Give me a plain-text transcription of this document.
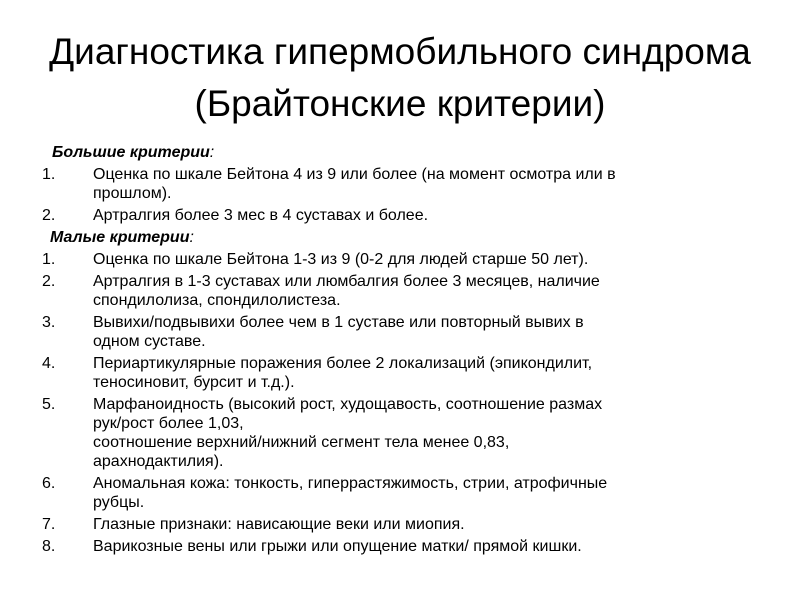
Диагностика гипермобильного синдрома (Брайтонские критерии)
Большие критерии:
1. Оценка по шкале Бейтона 4 из 9 или более (на момент осмотра или в
прошлом).
2. Артралгия более 3 мес в 4 суставах и более.
Малые критерии:
1. Оценка по шкале Бейтона 1-3 из 9 (0-2 для людей старше 50 лет).
2. Артралгия в 1-3 суставах или люмбалгия более 3 месяцев, наличие
спондилолиза, спондилолистеза.
3. Вывихи/подвывихи более чем в 1 суставе или повторный вывих в
одном суставе.
4. Периартикулярные поражения более 2 локализаций (эпикондилит,
теносиновит, бурсит и т.д.).
5. Марфаноидность (высокий рост, худощавость, соотношение размах
рук/рост более 1,03,
соотношение верхний/нижний сегмент тела менее 0,83,
арахнодактилия).
6. Аномальная кожа: тонкость, гиперрастяжимость, стрии, атрофичные
рубцы.
7. Глазные признаки: нависающие веки или миопия.
8. Варикозные вены или грыжи или опущение матки/ прямой кишки.
